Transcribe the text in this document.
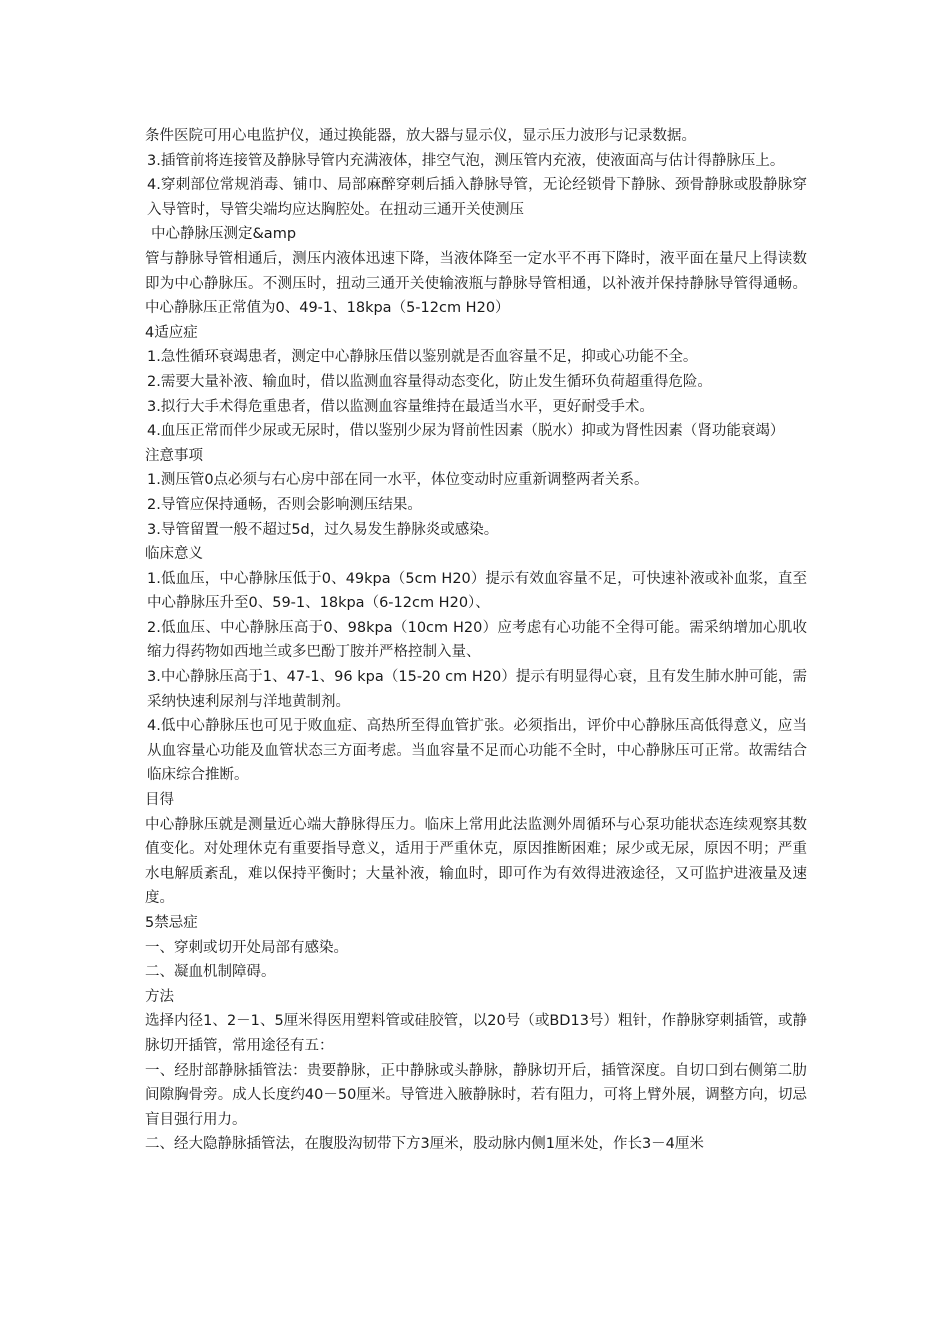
条件医院可用心电监护仪，通过换能器，放大器与显示仪，显示压力波形与记录数据。

3.插管前将连接管及静脉导管内充满液体，排空气泡，测压管内充液，使液面高与估计得静脉压上。

4.穿刺部位常规消毒、铺巾、局部麻醉穿刺后插入静脉导管，无论经锁骨下静脉、颈骨静脉或股静脉穿入导管时，导管尖端均应达胸腔处。在扭动三通开关使测压

中心静脉压测定&amp

管与静脉导管相通后，测压内液体迅速下降，当液体降至一定水平不再下降时，液平面在量尺上得读数即为中心静脉压。不测压时，扭动三通开关使输液瓶与静脉导管相通，以补液并保持静脉导管得通畅。中心静脉压正常值为0、49-1、18kpa（5-12cm H20）

4适应症

1.急性循环衰竭患者，测定中心静脉压借以鉴别就是否血容量不足，抑或心功能不全。

2.需要大量补液、输血时，借以监测血容量得动态变化，防止发生循环负荷超重得危险。

3.拟行大手术得危重患者，借以监测血容量维持在最适当水平，更好耐受手术。

4.血压正常而伴少尿或无尿时，借以鉴别少尿为肾前性因素（脱水）抑或为肾性因素（肾功能衰竭）

注意事项

1.测压管0点必须与右心房中部在同一水平，体位变动时应重新调整两者关系。

2.导管应保持通畅，否则会影响测压结果。

3.导管留置一般不超过5d，过久易发生静脉炎或感染。

临床意义

1.低血压，中心静脉压低于0、49kpa（5cm H20）提示有效血容量不足，可快速补液或补血浆，直至中心静脉压升至0、59-1、18kpa（6-12cm H20）、

2.低血压、中心静脉压高于0、98kpa（10cm H20）应考虑有心功能不全得可能。需采纳增加心肌收缩力得药物如西地兰或多巴酚丁胺并严格控制入量、

3.中心静脉压高于1、47-1、96 kpa（15-20 cm H20）提示有明显得心衰，且有发生肺水肿可能，需采纳快速利尿剂与洋地黄制剂。

4.低中心静脉压也可见于败血症、高热所至得血管扩张。必须指出，评价中心静脉压高低得意义，应当从血容量心功能及血管状态三方面考虑。当血容量不足而心功能不全时，中心静脉压可正常。故需结合临床综合推断。

目得

中心静脉压就是测量近心端大静脉得压力。临床上常用此法监测外周循环与心泵功能状态连续观察其数值变化。对处理休克有重要指导意义，适用于严重休克，原因推断困难；尿少或无尿，原因不明；严重水电解质紊乱，难以保持平衡时；大量补液，输血时，即可作为有效得进液途径，又可监护进液量及速度。

5禁忌症

一、穿刺或切开处局部有感染。

二、凝血机制障碍。

方法

选择内径1、2－1、5厘米得医用塑料管或硅胶管，以20号（或BD13号）粗针，作静脉穿刺插管，或静脉切开插管，常用途径有五：

一、经肘部静脉插管法：贵要静脉，正中静脉或头静脉，静脉切开后，插管深度。自切口到右侧第二肋间隙胸骨旁。成人长度约40－50厘米。导管进入腋静脉时，若有阻力，可将上臂外展，调整方向，切忌盲目强行用力。

二、经大隐静脉插管法，在腹股沟韧带下方3厘米，股动脉内侧1厘米处，作长3－4厘米
